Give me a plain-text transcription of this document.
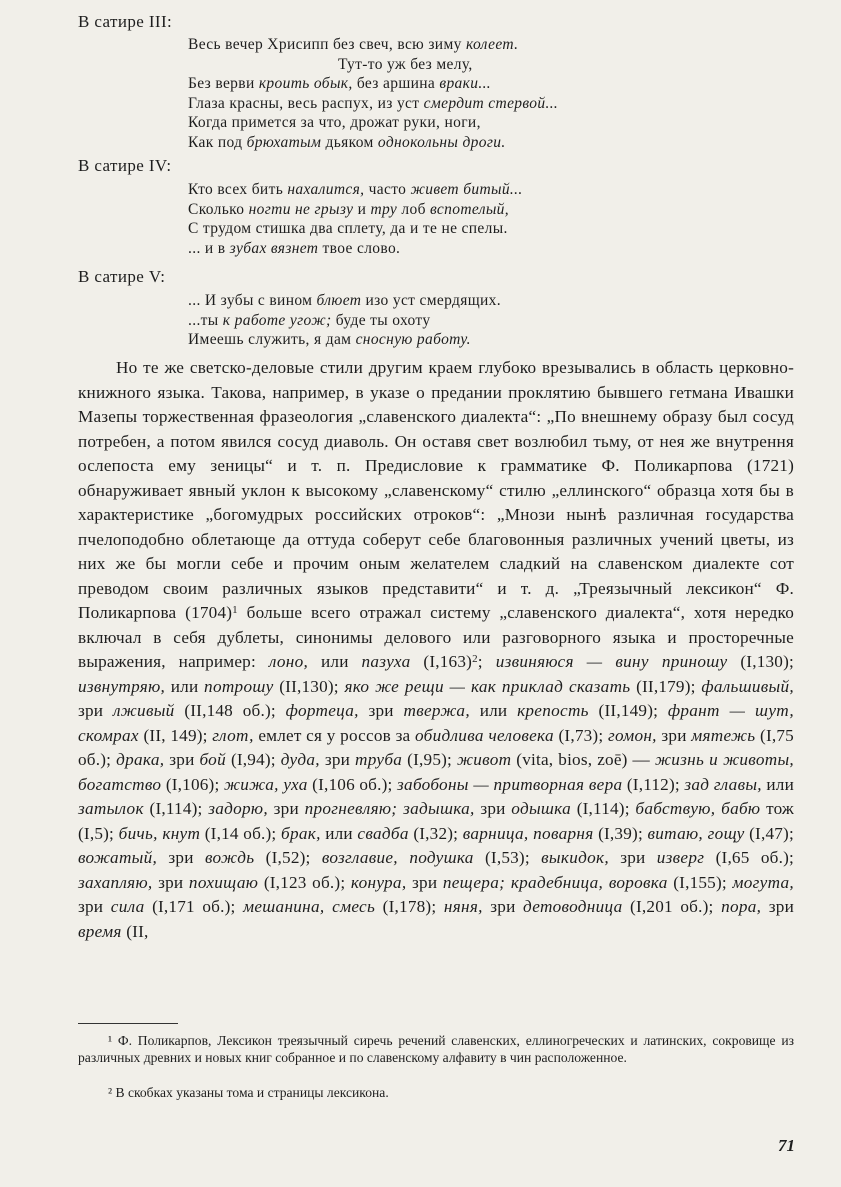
В сатире III:
Весь вечер Хрисипп без свеч, всю зиму колеет.
Тут-то уж без мелу,
Без верви кроить обык, без аршина враки...
Глаза красны, весь распух, из уст смердит стервой...
Когда примется за что, дрожат руки, ноги,
Как под брюхатым дьяком однокольны дроги.
В сатире IV:
Кто всех бить нахалится, часто живет битый...
Сколько ногти не грызу и тру лоб вспотелый,
С трудом стишка два сплету, да и те не спелы.
... и в зубах вязнет твое слово.
В сатире V:
... И зубы с вином блюет изо уст смердящих.
...ты к работе угож; буде ты охоту
Имеешь служить, я дам сносную работу.
Но те же светско-деловые стили другим краем глубоко врезывались в область церковно-книжного языка. Такова, например, в указе о предании проклятию бывшего гетмана Ивашки Мазепы торжественная фразеология „славенского диалекта“: „По внешнему образу был сосуд потребен, а потом явился сосуд диаволь. Он оставя свет возлюбил тьму, от нея же внутрення ослепоста ему зеницы“ и т. п. Предисловие к грамматике Ф. Поликарпова (1721) обнаруживает явный уклон к высокому „славенскому“ стилю „еллинского“ образца хотя бы в характеристике „богомудрых российских отроков“: „Мнози нынѣ различная государства пчелоподобно облетающе да оттуда соберут себе благовонныя различных учений цветы, из них же бы могли себе и прочим оным желателем сладкий на славенском диалекте сот преводом своим различных языков представити“ и т. д. „Треязычный лексикон“ Ф. Поликарпова $(1704)^1$ больше всего отражал систему „славенского диалекта“, хотя нередко включал в себя дублеты, синонимы делового или разговорного языка и просторечные выражения, например: лоно, или пазуха $(I,163)^2$; извиняюся — вину приношу (I,130); извнутряю, или потрошу (II,130); яко же рещи — как приклад сказать (II,179); фальшивый, зри лживый (II,148 об.); фортеца, зри твержа, или крепость (II,149); франт — шут, скомрах (II, 149); глот, емлет ся у россов за обидлива человека (I,73); гомон, зри мятежь (I,75 об.); драка, зри бой (I,94); дуда, зри труба (I,95); живот (vita, bios, zoē) — жизнь и животы, богатство (I,106); жижа, уха (I,106 об.); забобоны — притворная вера (I,112); зад главы, или затылок (I,114); задорю, зри прогневляю; задышка, зри одышка (I,114); бабствую, бабю тож (I,5); бичь, кнут (I,14 об.); брак, или свадба (I,32); варница, поварня (I,39); витаю, гощу (I,47); вожатый, зри вождь (I,52); возглавие, подушка (I,53); выкидок, зри изверг (I,65 об.); захапляю, зри похищаю (I,123 об.); конура, зри пещера; крадебница, воровка (I,155); могута, зри сила (I,171 об.); мешанина, смесь (I,178); няня, зри детоводница (I,201 об.); пора, зри время (II,
¹ Ф. Поликарпов, Лексикон треязычный сиречь речений славенских, еллиногреческих и латинских, сокровище из различных древних и новых книг собранное и по славенскому алфавиту в чин расположенное.
² В скобках указаны тома и страницы лексикона.
71
